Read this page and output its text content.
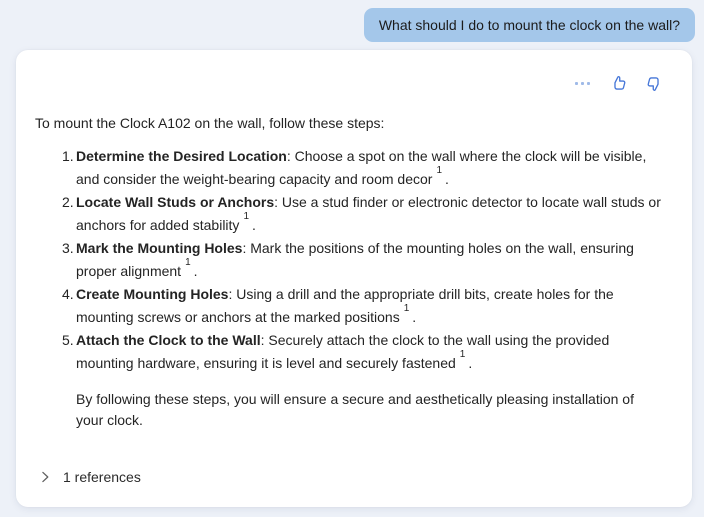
What should I do to mount the clock on the wall?
To mount the Clock A102 on the wall, follow these steps:
1. Determine the Desired Location: Choose a spot on the wall where the clock will be visible, and consider the weight-bearing capacity and room decor$^1$.
2. Locate Wall Studs or Anchors: Use a stud finder or electronic detector to locate wall studs or anchors for added stability$^1$.
3. Mark the Mounting Holes: Mark the positions of the mounting holes on the wall, ensuring proper alignment$^1$.
4. Create Mounting Holes: Using a drill and the appropriate drill bits, create holes for the mounting screws or anchors at the marked positions$^1$.
5. Attach the Clock to the Wall: Securely attach the clock to the wall using the provided mounting hardware, ensuring it is level and securely fastened$^1$.
By following these steps, you will ensure a secure and aesthetically pleasing installation of your clock.
1 references
